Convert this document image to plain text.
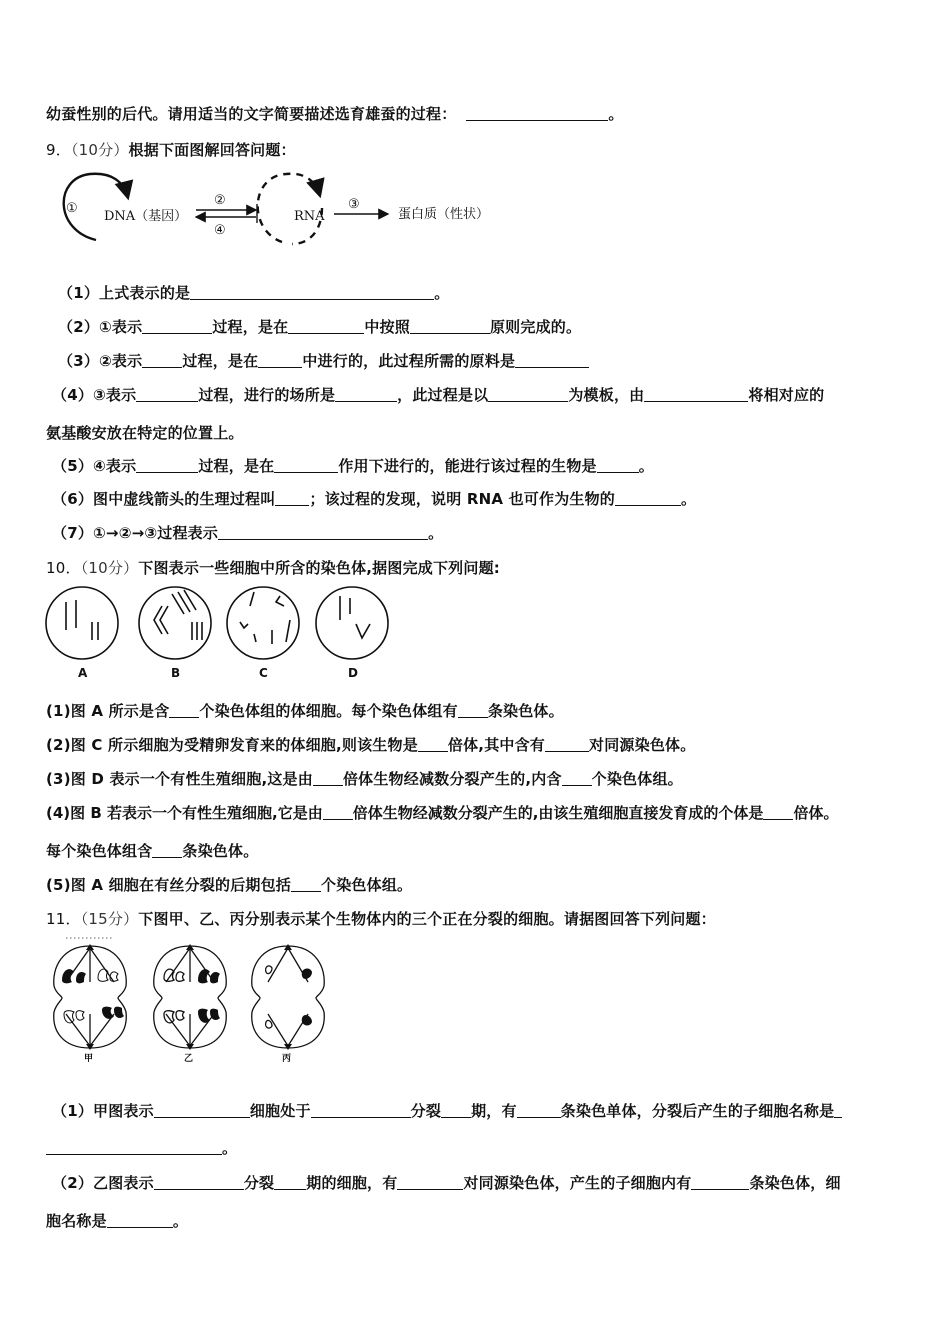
幼蚕性别的后代。请用适当的文字简要描述选育雄蚕的过程：	。
9．（10分）根据下面图解回答问题：
①
DNA（基因）
②
④
RNA
③
蛋白质（性状）
（1）上式表示的是	。
（2）①表示	过程，是在	中按照	原则完成的。
（3）②表示	过程，是在	中进行的，此过程所需的原料是
（4）③表示	过程，进行的场所是	，此过程是以	为模板，由	将相对应的
氨基酸安放在特定的位置上。
（5）④表示	过程，是在	作用下进行的，能进行该过程的生物是	。
（6）图中虚线箭头的生理过程叫 ；该过程的发现，说明 RNA 也可作为生物的	。
（7）①→②→③过程表示	。
10．（10分）下图表示一些细胞中所含的染色体,据图完成下列问题:
A	B	C	D
(1)图 A 所示是含 个染色体组的体细胞。每个染色体组有 条染色体。
(2)图 C 所示细胞为受精卵发育来的体细胞,则该生物是 倍体,其中含有	对同源染色体。
(3)图 D 表示一个有性生殖细胞,这是由 倍体生物经减数分裂产生的,内含 个染色体组。
(4)图 B 若表示一个有性生殖细胞,它是由 倍体生物经减数分裂产生的,由该生殖细胞直接发育成的个体是 倍体。
每个染色体组含 条染色体。
(5)图 A 细胞在有丝分裂的后期包括 个染色体组。
11．（15分）下图甲、乙、丙分别表示某个生物体内的三个正在分裂的细胞。请据图回答下列问题：
甲	乙	丙
（1）甲图表示	细胞处于	分裂 期，有	条染色单体，分裂后产生的子细胞名称是
。
（2）乙图表示	分裂 期的细胞，有	对同源染色体，产生的子细胞内有	条染色体，细
胞名称是	。
